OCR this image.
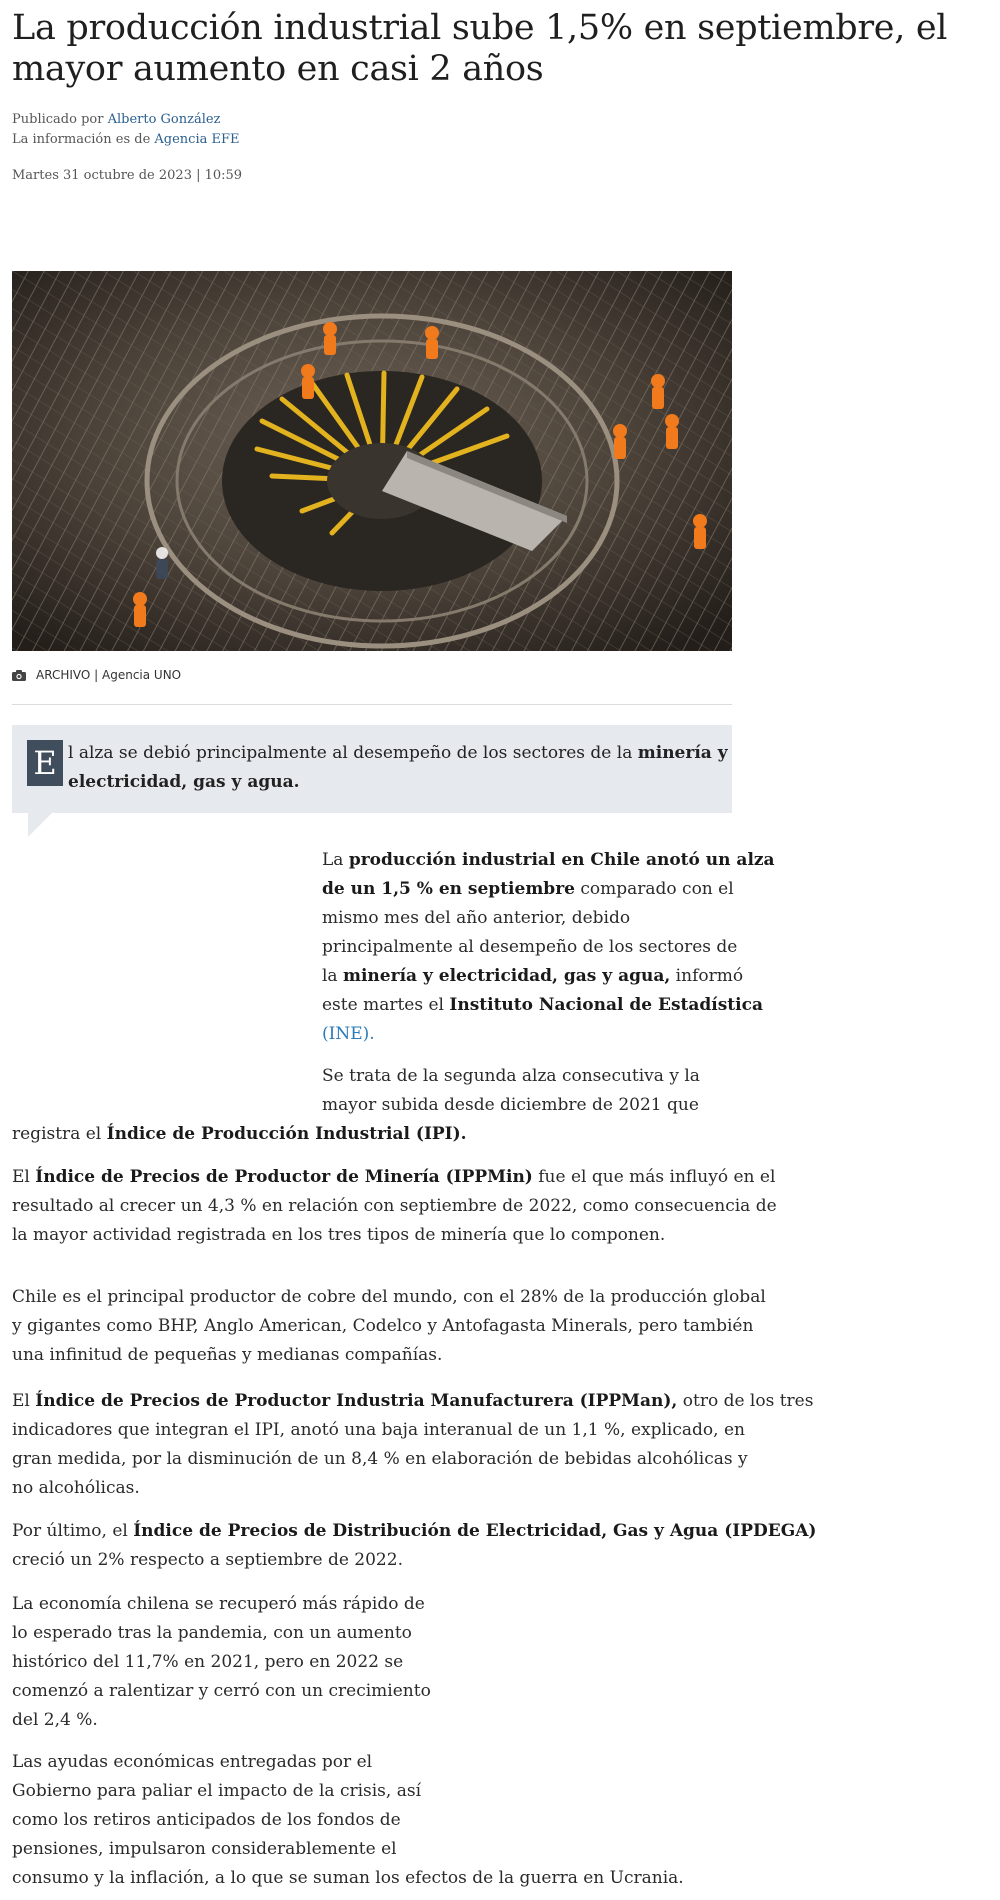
La producción industrial sube 1,5% en septiembre, el mayor aumento en casi 2 años
Publicado por Alberto González
La información es de Agencia EFE
Martes 31 octubre de 2023 | 10:59
ARCHIVO | Agencia UNO
E l alza se debió principalmente al desempeño de los sectores de la minería y
electricidad, gas y agua.
La producción industrial en Chile anotó un alza
de un 1,5 % en septiembre comparado con el
mismo mes del año anterior, debido
principalmente al desempeño de los sectores de
la minería y electricidad, gas y agua, informó
este martes el Instituto Nacional de Estadística
(INE).
Se trata de la segunda alza consecutiva y la
mayor subida desde diciembre de 2021 que
registra el Índice de Producción Industrial (IPI).
El Índice de Precios de Productor de Minería (IPPMin) fue el que más influyó en el
resultado al crecer un 4,3 % en relación con septiembre de 2022, como consecuencia de
la mayor actividad registrada en los tres tipos de minería que lo componen.
Chile es el principal productor de cobre del mundo, con el 28% de la producción global
y gigantes como BHP, Anglo American, Codelco y Antofagasta Minerals, pero también
una infinitud de pequeñas y medianas compañías.
El Índice de Precios de Productor Industria Manufacturera (IPPMan), otro de los tres
indicadores que integran el IPI, anotó una baja interanual de un 1,1 %, explicado, en
gran medida, por la disminución de un 8,4 % en elaboración de bebidas alcohólicas y
no alcohólicas.
Por último, el Índice de Precios de Distribución de Electricidad, Gas y Agua (IPDEGA)
creció un 2% respecto a septiembre de 2022.
La economía chilena se recuperó más rápido de
lo esperado tras la pandemia, con un aumento
histórico del 11,7% en 2021, pero en 2022 se
comenzó a ralentizar y cerró con un crecimiento
del 2,4 %.
Las ayudas económicas entregadas por el
Gobierno para paliar el impacto de la crisis, así
como los retiros anticipados de los fondos de
pensiones, impulsaron considerablemente el
consumo y la inflación, a lo que se suman los efectos de la guerra en Ucrania.
